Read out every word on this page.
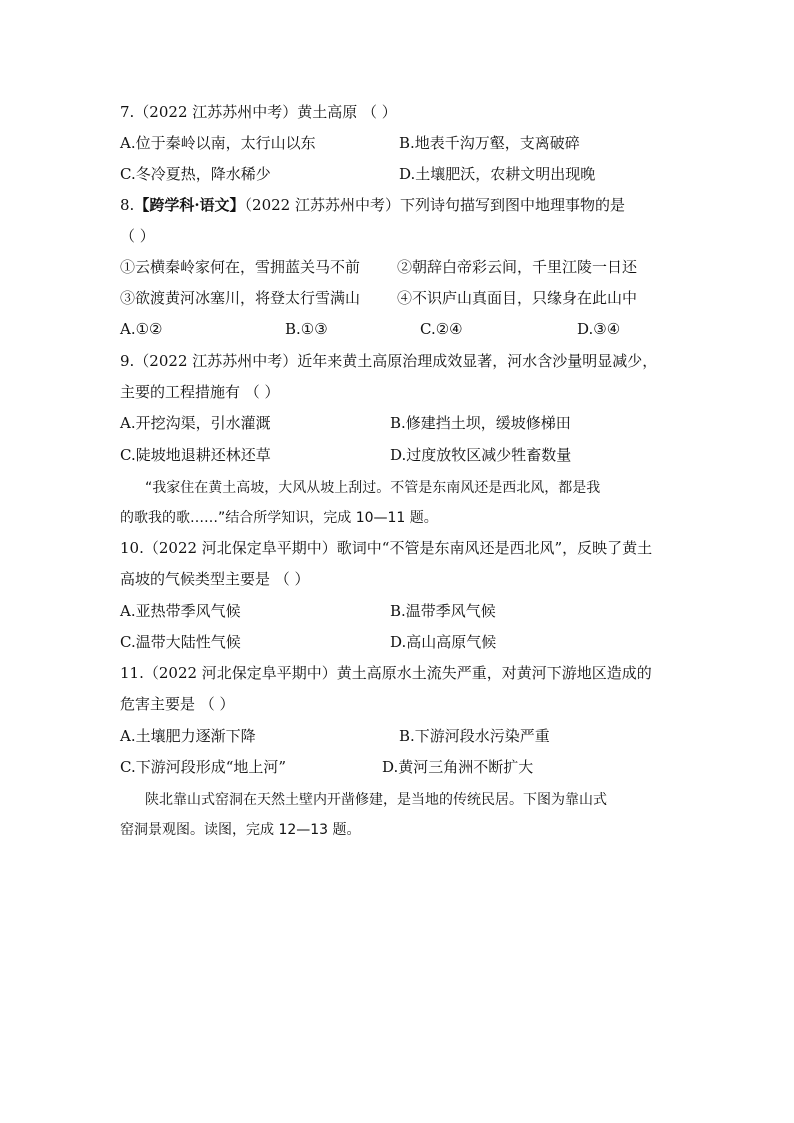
7.（2022 江苏苏州中考）黄土高原 （ ）
A.位于秦岭以南，太行山以东	B.地表千沟万壑，支离破碎
C.冬冷夏热，降水稀少	D.土壤肥沃，农耕文明出现晚
8.【跨学科·语文】（2022 江苏苏州中考）下列诗句描写到图中地理事物的是
（ ）
①云横秦岭家何在，雪拥蓝关马不前 ②朝辞白帝彩云间，千里江陵一日还
③欲渡黄河冰塞川，将登太行雪满山 ④不识庐山真面目，只缘身在此山中
A.①②	B.①③	C.②④	D.③④
9.（2022 江苏苏州中考）近年来黄土高原治理成效显著，河水含沙量明显减少，
主要的工程措施有 （ ）
A.开挖沟渠，引水灌溉	B.修建挡土坝，缓坡修梯田
C.陡坡地退耕还林还草	D.过度放牧区减少牲畜数量
“我家住在黄土高坡，大风从坡上刮过。不管是东南风还是西北风，都是我
的歌我的歌……”结合所学知识，完成 10—11 题。
10.（2022 河北保定阜平期中）歌词中“不管是东南风还是西北风”，反映了黄土
高坡的气候类型主要是 （ ）
A.亚热带季风气候	B.温带季风气候
C.温带大陆性气候	D.高山高原气候
11.（2022 河北保定阜平期中）黄土高原水土流失严重，对黄河下游地区造成的
危害主要是 （ ）
A.土壤肥力逐渐下降	B.下游河段水污染严重
C.下游河段形成“地上河”	D.黄河三角洲不断扩大
陕北靠山式窑洞在天然土壁内开凿修建，是当地的传统民居。下图为靠山式
窑洞景观图。读图，完成 12—13 题。
